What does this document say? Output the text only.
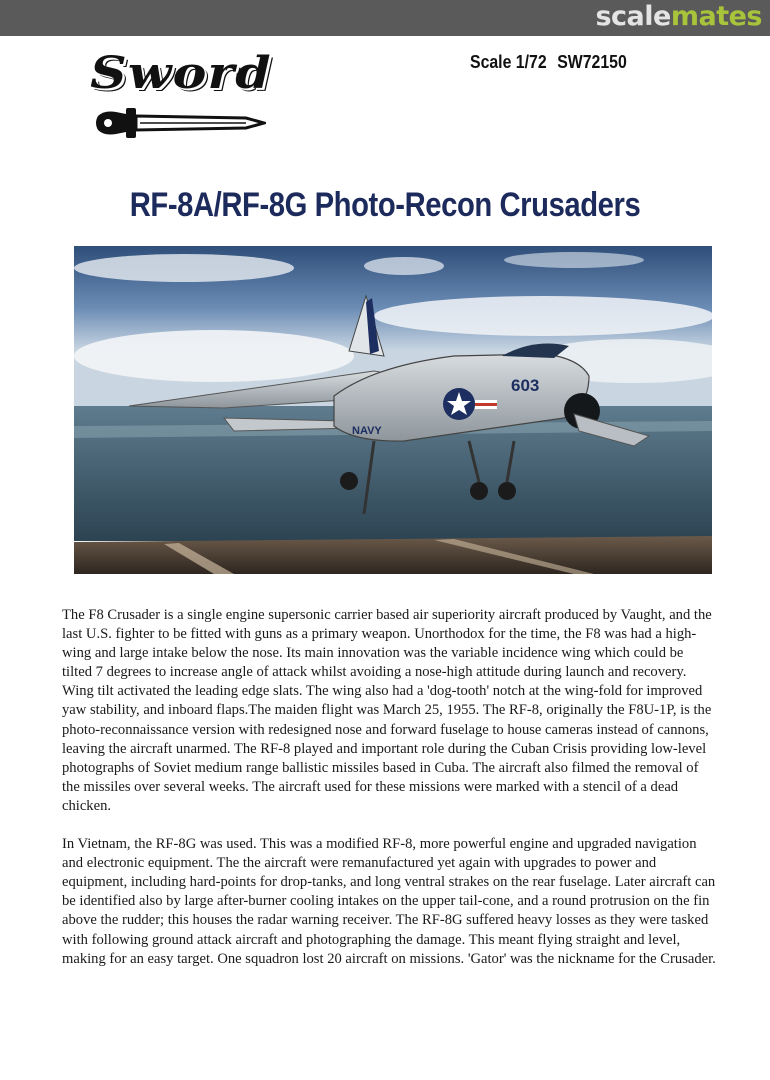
scalemates
Sword	Scale 1/72 SW72150
RF-8A/RF-8G Photo-Recon Crusaders
603
NAVY

The F8 Crusader is a single engine supersonic carrier based air superiority aircraft produced by Vaught, and the last U.S. fighter to be fitted with guns as a primary weapon. Unorthodox for the time, the F8 was had a high-wing and large intake below the nose. Its main innovation was the variable incidence wing which could be tilted 7 degrees to increase angle of attack whilst avoiding a nose-high attitude during launch and recovery. Wing tilt activated the leading edge slats. The wing also had a 'dog-tooth' notch at the wing-fold for improved yaw stability, and inboard flaps.The maiden flight was March 25, 1955. The RF-8, originally the F8U-1P, is the photo-reconnaissance version with redesigned nose and forward fuselage to house cameras instead of cannons, leaving the aircraft unarmed. The RF-8 played and important role during the Cuban Crisis providing low-level photographs of Soviet medium range ballistic missiles based in Cuba. The aircraft also filmed the removal of the missiles over several weeks. The aircraft used for these missions were marked with a stencil of a dead chicken.

In Vietnam, the RF-8G was used. This was a modified RF-8, more powerful engine and upgraded navigation and electronic equipment. The the aircraft were remanufactured yet again with upgrades to power and equipment, including hard-points for drop-tanks, and long ventral strakes on the rear fuselage. Later aircraft can be identified also by large after-burner cooling intakes on the upper tail-cone, and a round protrusion on the fin above the rudder; this houses the radar warning receiver. The RF-8G suffered heavy losses as they were tasked with following ground attack aircraft and photographing the damage. This meant flying straight and level, making for an easy target. One squadron lost 20 aircraft on missions. 'Gator' was the nickname for the Crusader.
